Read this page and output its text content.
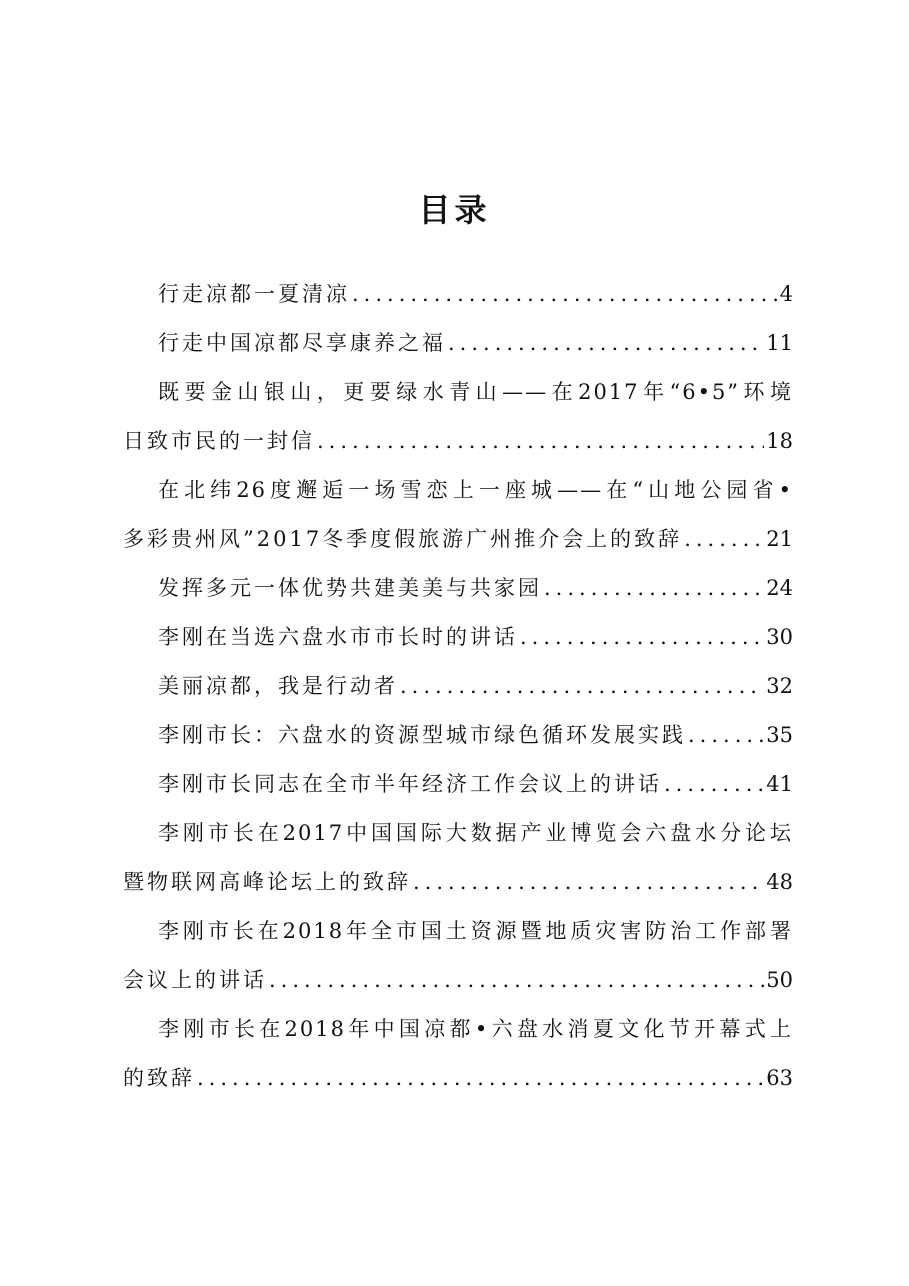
目录
行走凉都一夏清凉 .....	4
行走中国凉都尽享康养之福 .....	11
既要金山银山，更要绿水青山——在2017年“6•5”环境
日致市民的一封信 .....	18
在北纬26度邂逅一场雪恋上一座城——在“山地公园省•
多彩贵州风”2017冬季度假旅游广州推介会上的致辞 .....	21
发挥多元一体优势共建美美与共家园 .....	24
李刚在当选六盘水市市长时的讲话 .....	30
美丽凉都，我是行动者 .....	32
李刚市长：六盘水的资源型城市绿色循环发展实践 .....	35
李刚市长同志在全市半年经济工作会议上的讲话 .....	41
李刚市长在2017中国国际大数据产业博览会六盘水分论坛
暨物联网高峰论坛上的致辞 .....	48
李刚市长在2018年全市国土资源暨地质灾害防治工作部署
会议上的讲话 .....	50
李刚市长在2018年中国凉都•六盘水消夏文化节开幕式上
的致辞 .....	63
